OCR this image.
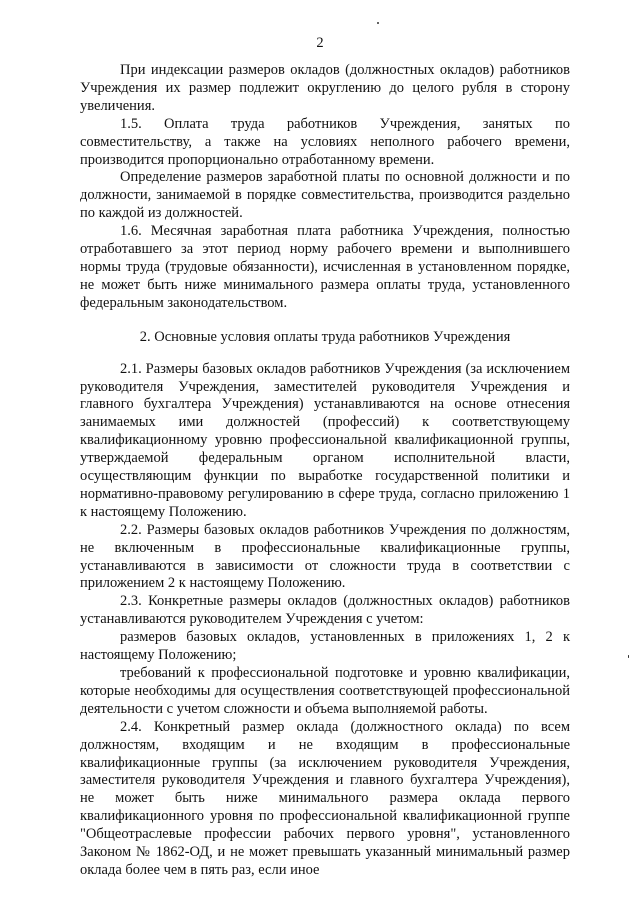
2

При индексации размеров окладов (должностных окладов) работников Учреждения их размер подлежит округлению до целого рубля в сторону увеличения.

1.5. Оплата труда работников Учреждения, занятых по совместительству, а также на условиях неполного рабочего времени, производится пропорционально отработанному времени.

Определение размеров заработной платы по основной должности и по должности, занимаемой в порядке совместительства, производится раздельно по каждой из должностей.

1.6. Месячная заработная плата работника Учреждения, полностью отработавшего за этот период норму рабочего времени и выполнившего нормы труда (трудовые обязанности), исчисленная в установленном порядке, не может быть ниже минимального размера оплаты труда, установленного федеральным законодательством.

2. Основные условия оплаты труда работников Учреждения

2.1. Размеры базовых окладов работников Учреждения (за исключением руководителя Учреждения, заместителей руководителя Учреждения и главного бухгалтера Учреждения) устанавливаются на основе отнесения занимаемых ими должностей (профессий) к соответствующему квалификационному уровню профессиональной квалификационной группы, утверждаемой федеральным органом исполнительной власти, осуществляющим функции по выработке государственной политики и нормативно-правовому регулированию в сфере труда, согласно приложению 1 к настоящему Положению.

2.2. Размеры базовых окладов работников Учреждения по должностям, не включенным в профессиональные квалификационные группы, устанавливаются в зависимости от сложности труда в соответствии с приложением 2 к настоящему Положению.

2.3. Конкретные размеры окладов (должностных окладов) работников устанавливаются руководителем Учреждения с учетом:

размеров базовых окладов, установленных в приложениях 1, 2 к настоящему Положению;

требований к профессиональной подготовке и уровню квалификации, которые необходимы для осуществления соответствующей профессиональной деятельности с учетом сложности и объема выполняемой работы.

2.4. Конкретный размер оклада (должностного оклада) по всем должностям, входящим и не входящим в профессиональные квалификационные группы (за исключением руководителя Учреждения, заместителя руководителя Учреждения и главного бухгалтера Учреждения), не может быть ниже минимального размера оклада первого квалификационного уровня по профессиональной квалификационной группе "Общеотраслевые профессии рабочих первого уровня", установленного Законом № 1862-ОД, и не может превышать указанный минимальный размер оклада более чем в пять раз, если иное
